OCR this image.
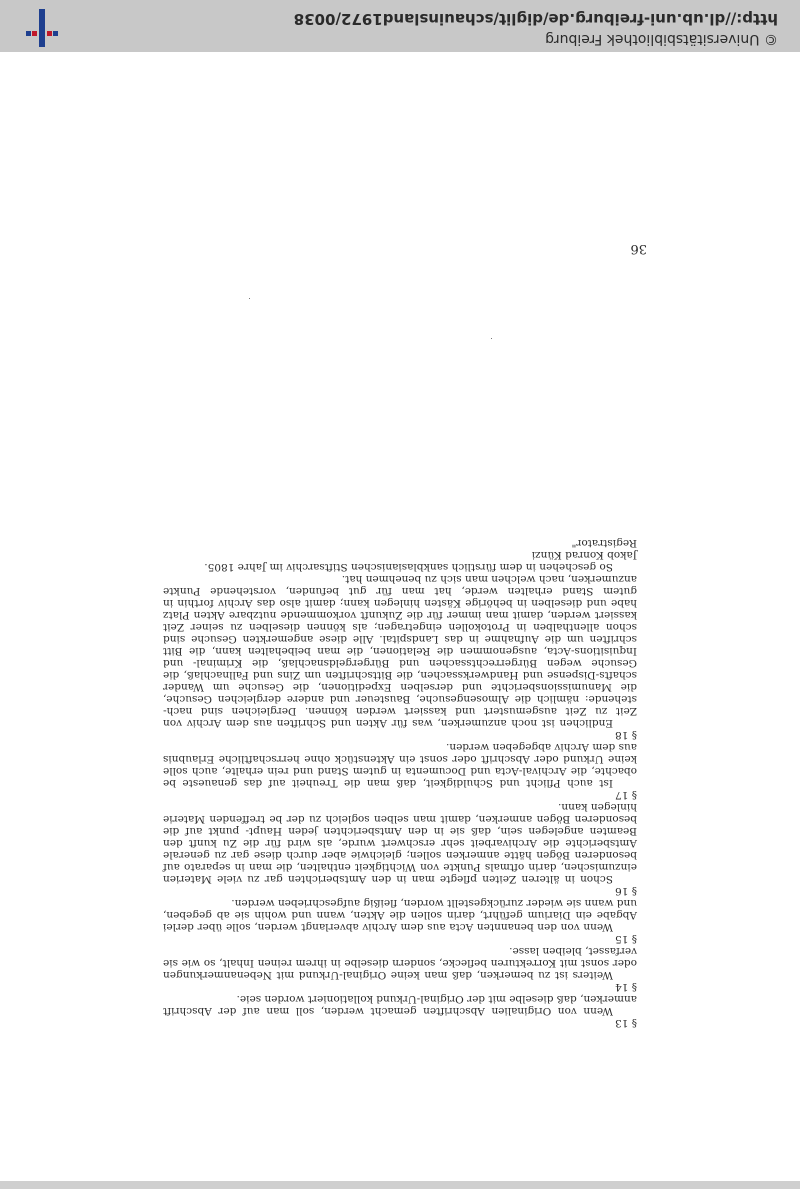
§ 13

Wenn von Originalien Abschriften gemacht werden, soll man auf der Abschrift anmerken, daß dieselbe mit der Original-Urkund kollationiert worden seie.

§ 14

Weiters ist zu bemerken, daß man keine Original-Urkund mit Nebenanmerkungen oder sonst mit Korrekturen beflecke, sondern dieselbe in ihrem reinen Inhalt, so wie sie verfasset, bleiben lasse.

§ 15

Wenn von den benannten Acta aus dem Archiv abverlangt werden, solle über derlei Abgabe ein Diarium geführt, darin sollen die Akten, wann und wohin sie ab gegeben, und wann sie wieder zurückgestellt worden, fleißig aufgeschrieben werden.

§ 16

Schon in älteren Zeiten pflegte man in den Amtsberichten gar zu viele Materien einzumischen, darin oftmals Punkte von Wichtigkeit enthalten, die man in separato auf besonderen Bögen hätte anmerken sollen; gleichwie aber durch diese gar zu generale Amtsberichte die Archivarbeit sehr erschwert wurde, als wird für die Zu kunft den Beamten angelegen sein, daß sie in den Amtsberichten jeden Haupt- punkt auf die besonderen Bögen anmerken, damit man selben sogleich zu der be treffenden Materie hinlegen kann.

§ 17

Ist auch Pflicht und Schuldigkeit, daß man die Treuheit auf das genaueste be obachte, die Archival-Acta und Documenta in gutem Stand und rein erhalte, auch solle keine Urkund oder Abschrift oder sonst ein Aktenstück ohne herrschaftliche Erlaubnis aus dem Archiv abgegeben werden.

§ 18

Endlichen ist noch anzumerken, was für Akten und Schriften aus dem Archiv von Zeit zu Zeit ausgemustert und kassiert werden können. Dergleichen sind nach- stehende: nämlich die Almosengesuche, Bausteuer und andere dergleichen Gesuche, die Manumissionsberichte und derselben Expeditionen, die Gesuche um Wander schafts-Dispense und Handwerkssachen, die Bittschriften um Zins und Fallnachlaß, die Gesuche wegen Bürgerrechtssachen und Bürgergeldsnachlaß, die Kriminal- und Inquisitions-Acta, ausgenommen die Relationen, die man beibehalten kann, die Bitt schriften um die Aufnahme in das Landspital. Alle diese angemerkten Gesuche sind schon allenthalben in Protokollen eingetragen; als können dieselben zu seiner Zeit kassiert werden, damit man immer für die Zukunft vorkommende nutzbare Akten Platz habe und dieselben in behörige Kästen hinlegen kann; damit also das Archiv forthin in gutem Stand erhalten werde, hat man für gut befunden, vorstehende Punkte anzumerken, nach welchen man sich zu benehmen hat.

So geschehen in dem fürstlich sankblasianischen Stiftsarchiv im Jahre 1805.

Jakob Konrad Künzi
Registrator"

36
© Universitätsbibliothek Freiburg
http://dl.ub.uni-freiburg.de/diglit/schauinsland1972/0038
